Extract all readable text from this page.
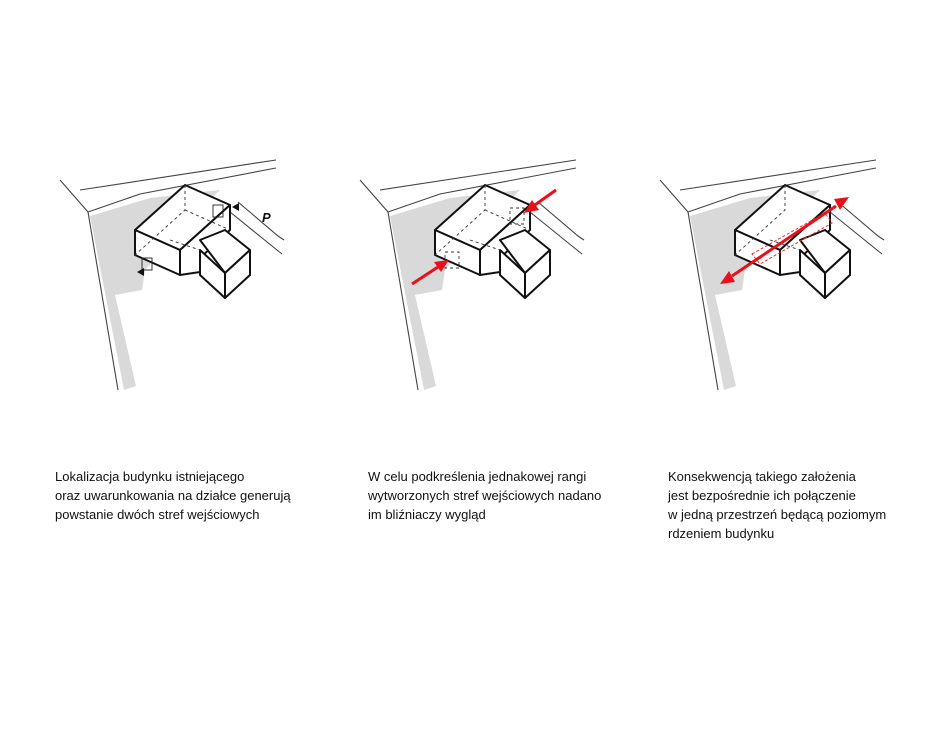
P

Lokalizacja budynku istniejącego
oraz uwarunkowania na działce generują
powstanie dwóch stref wejściowych

W celu podkreślenia jednakowej rangi
wytworzonych stref wejściowych nadano
im bliźniaczy wygląd

Konsekwencją takiego założenia
jest bezpośrednie ich połączenie
w jedną przestrzeń będącą poziomym
rdzeniem budynku
